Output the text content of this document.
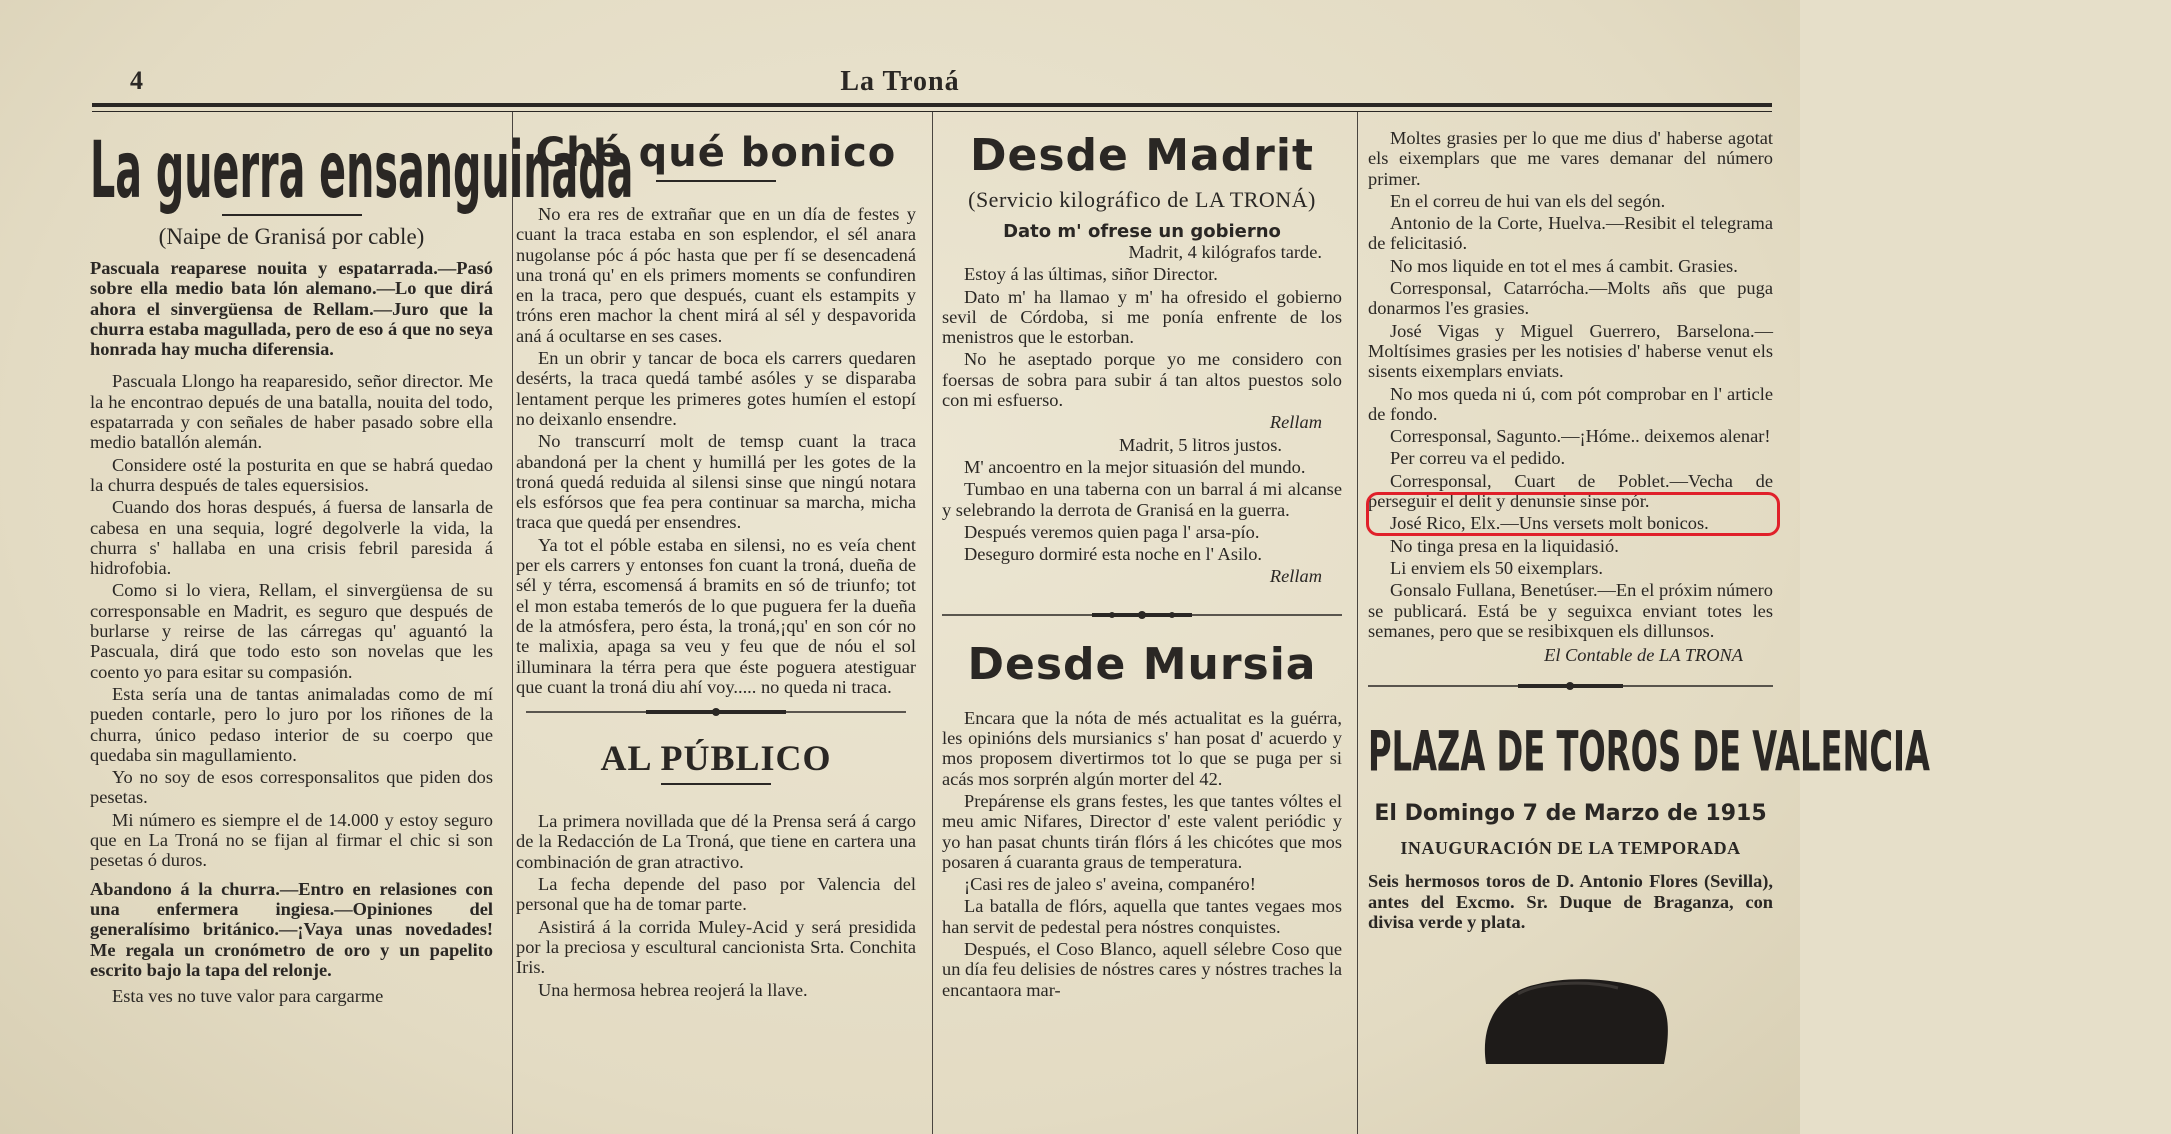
4	La Troná
La guerra ensanguinada
(Naipe de Granisá por cable)

Pascuala reaparese nouita y espatarrada.—Pasó sobre ella medio bata lón alemano.—Lo que dirá ahora el sinvergüensa de Rellam.—Juro que la churra estaba magullada, pero de eso á que no seya honrada hay mucha diferensia.

Pascuala Llongo ha reaparesido, señor director. Me la he encontrao depués de una batalla, nouita del todo, espatarrada y con señales de haber pasado sobre ella medio batallón alemán.

Considere osté la posturita en que se habrá quedao la churra después de tales equersisios.

Cuando dos horas después, á fuersa de lansarla de cabesa en una sequia, logré degolverle la vida, la churra s' hallaba en una crisis febril paresida á hidrofobia.

Como si lo viera, Rellam, el sinvergüensa de su corresponsable en Madrit, es seguro que después de burlarse y reirse de las cárregas qu' aguantó la Pascuala, dirá que todo esto son novelas que les coento yo para esitar su compasión.

Esta sería una de tantas animaladas como de mí pueden contarle, pero lo juro por los riñones de la churra, único pedaso interior de su coerpo que quedaba sin magullamiento.

Yo no soy de esos corresponsalitos que piden dos pesetas.

Mi número es siempre el de 14.000 y estoy seguro que en La Troná no se fijan al firmar el chic si son pesetas ó duros.

Abandono á la churra.—Entro en relasiones con una enfermera ingiesa.—Opiniones del generalísimo británico.—¡Vaya unas novedades! Me regala un cronómetro de oro y un papelito escrito bajo la tapa del relonje.

Esta ves no tuve valor para cargarme

Ché qué bonico

No era res de extrañar que en un día de festes y cuant la traca estaba en son esplendor, el sél anara nugolanse póc á póc hasta que per fí se desencadená una troná qu' en els primers moments se confundiren en la traca, pero que después, cuant els estampits y tróns eren machor la chent mirá al sél y despavorida aná á ocultarse en ses cases.

En un obrir y tancar de boca els carrers quedaren desérts, la traca quedá també asóles y se disparaba lentament perque les primeres gotes humíen el estopí no deixanlo ensendre.

No transcurrí molt de temsp cuant la traca abandoná per la chent y humillá per les gotes de la troná quedá reduida al silensi sinse que ningú notara els esfórsos que fea pera continuar sa marcha, micha traca que quedá per ensendres.

Ya tot el póble estaba en silensi, no es veía chent per els carrers y entonses fon cuant la troná, dueña de sél y térra, escomensá á bramits en só de triunfo; tot el mon estaba temerós de lo que puguera fer la dueña de la atmósfera, pero ésta, la troná,¡qu' en son cór no te malixia, apaga sa veu y feu que de nóu el sol illuminara la térra pera que éste poguera atestiguar que cuant la troná diu ahí voy..... no queda ni traca.

AL PÚBLICO

La primera novillada que dé la Prensa será á cargo de la Redacción de La Troná, que tiene en cartera una combinación de gran atractivo.

La fecha depende del paso por Valencia del personal que ha de tomar parte.

Asistirá á la corrida Muley-Acid y será presidida por la preciosa y escultural cancionista Srta. Conchita Iris.

Una hermosa hebrea reojerá la llave.

Desde Madrit
(Servicio kilográfico de LA TRONÁ)
Dato m' ofrese un gobierno

Madrit, 4 kilógrafos tarde.

Estoy á las últimas, siñor Director.

Dato m' ha llamao y m' ha ofresido el gobierno sevil de Córdoba, si me ponía enfrente de los menistros que le estorban.

No he aseptado porque yo me considero con foersas de sobra para subir á tan altos puestos solo con mi esfuerso.

Rellam

Madrit, 5 litros justos.

M' ancoentro en la mejor situasión del mundo.

Tumbao en una taberna con un barral á mi alcanse y selebrando la derrota de Granisá en la guerra.

Después veremos quien paga l' arsa-pío.

Deseguro dormiré esta noche en l' Asilo.

Rellam

Desde Mursia

Encara que la nóta de més actualitat es la guérra, les opinións dels mursianics s' han posat d' acuerdo y mos proposem divertirmos tot lo que se puga per si acás mos sorprén algún morter del 42.

Prepárense els grans festes, les que tantes vóltes el meu amic Nifares, Director d' este valent periódic y yo han pasat chunts tirán flórs á les chicótes que mos posaren á cuaranta graus de temperatura.

¡Casi res de jaleo s' aveina, companéro!

La batalla de flórs, aquella que tantes vegaes mos han servit de pedestal pera nóstres conquistes.

Después, el Coso Blanco, aquell sélebre Coso que un día feu delisies de nóstres cares y nóstres traches la encantaora mar-

Moltes grasies per lo que me dius d' haberse agotat els eixemplars que me vares demanar del número primer.

En el correu de hui van els del segón.

Antonio de la Corte, Huelva.—Resibit el telegrama de felicitasió.

No mos liquide en tot el mes á cambit. Grasies.

Corresponsal, Catarrócha.—Molts añs que puga donarmos l'es grasies.

José Vigas y Miguel Guerrero, Barselona.—Moltísimes grasies per les notisies d' haberse venut els sisents eixemplars enviats.

No mos queda ni ú, com pót comprobar en l' article de fondo.

Corresponsal, Sagunto.—¡Hóme.. deixemos alenar!

Per correu va el pedido.

Corresponsal, Cuart de Poblet.—Vecha de perseguir el delit y denunsie sinse pór.

José Rico, Elx.—Uns versets molt bonicos.

No tinga presa en la liquidasió.

Li enviem els 50 eixemplars.

Gonsalo Fullana, Benetúser.—En el próxim número se publicará. Está be y seguixca enviant totes les semanes, pero que se resibixquen els dillunsos.

El Contable de LA TRONA

PLAZA DE TOROS DE VALENCIA
El Domingo 7 de Marzo de 1915
INAUGURACIÓN DE LA TEMPORADA

Seis hermosos toros de D. Antonio Flores (Sevilla), antes del Excmo. Sr. Duque de Braganza, con divisa verde y plata.
